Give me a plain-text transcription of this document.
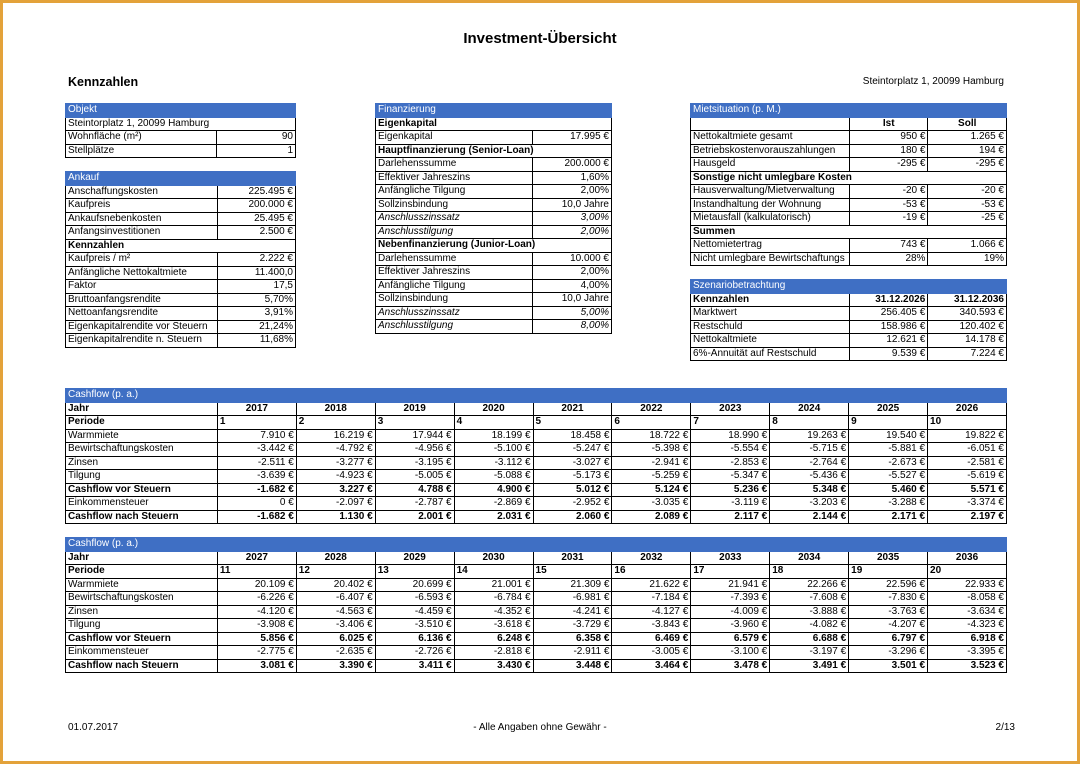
Investment-Übersicht
Kennzahlen	Steintorplatz 1, 20099 Hamburg
Objekt	
Steintorplatz 1, 20099 Hamburg	
Wohnfläche (m²)	90
Stellplätze	1
Ankauf	
Anschaffungskosten	225.495 €
Kaufpreis	200.000 €
Ankaufsnebenkosten	25.495 €
Anfangsinvestitionen	2.500 €
Kennzahlen	
Kaufpreis / m²	2.222 €
Anfängliche Nettokaltmiete	11.400,0
Faktor	17,5
Bruttoanfangsrendite	5,70%
Nettoanfangsrendite	3,91%
Eigenkapitalrendite vor Steuern	21,24%
Eigenkapitalrendite n. Steuern	11,68%
Finanzierung	
Eigenkapital	
Eigenkapital	17.995 €
Hauptfinanzierung (Senior-Loan)	
Darlehenssumme	200.000 €
Effektiver Jahreszins	1,60%
Anfängliche Tilgung	2,00%
Sollzinsbindung	10,0 Jahre
Anschlusszinssatz	3,00%
Anschlusstilgung	2,00%
Nebenfinanzierung (Junior-Loan)	
Darlehenssumme	10.000 €
Effektiver Jahreszins	2,00%
Anfängliche Tilgung	4,00%
Sollzinsbindung	10,0 Jahre
Anschlusszinssatz	5,00%
Anschlusstilgung	8,00%
Mietsituation (p. M.)		
	Ist	Soll
Nettokaltmiete gesamt	950 €	1.265 €
Betriebskostenvorauszahlungen	180 €	194 €
Hausgeld	-295 €	-295 €
Sonstige nicht umlegbare Kosten		
Hausverwaltung/Mietverwaltung	-20 €	-20 €
Instandhaltung der Wohnung	-53 €	-53 €
Mietausfall (kalkulatorisch)	-19 €	-25 €
Summen		
Nettomietertrag	743 €	1.066 €
Nicht umlegbare Bewirtschaftungs	28%	19%
Szenariobetrachtung		
Kennzahlen	31.12.2026	31.12.2036
Marktwert	256.405 €	340.593 €
Restschuld	158.986 €	120.402 €
Nettokaltmiete	12.621 €	14.178 €
6%-Annuität auf Restschuld	9.539 €	7.224 €
Cashflow (p. a.)										
Jahr	2017	2018	2019	2020	2021	2022	2023	2024	2025	2026
Periode	1	2	3	4	5	6	7	8	9	10
Warmmiete	7.910 €	16.219 €	17.944 €	18.199 €	18.458 €	18.722 €	18.990 €	19.263 €	19.540 €	19.822 €
Bewirtschaftungskosten	-3.442 €	-4.792 €	-4.956 €	-5.100 €	-5.247 €	-5.398 €	-5.554 €	-5.715 €	-5.881 €	-6.051 €
Zinsen	-2.511 €	-3.277 €	-3.195 €	-3.112 €	-3.027 €	-2.941 €	-2.853 €	-2.764 €	-2.673 €	-2.581 €
Tilgung	-3.639 €	-4.923 €	-5.005 €	-5.088 €	-5.173 €	-5.259 €	-5.347 €	-5.436 €	-5.527 €	-5.619 €
Cashflow vor Steuern	-1.682 €	3.227 €	4.788 €	4.900 €	5.012 €	5.124 €	5.236 €	5.348 €	5.460 €	5.571 €
Einkommensteuer	0 €	-2.097 €	-2.787 €	-2.869 €	-2.952 €	-3.035 €	-3.119 €	-3.203 €	-3.288 €	-3.374 €
Cashflow nach Steuern	-1.682 €	1.130 €	2.001 €	2.031 €	2.060 €	2.089 €	2.117 €	2.144 €	2.171 €	2.197 €
Cashflow (p. a.)										
Jahr	2027	2028	2029	2030	2031	2032	2033	2034	2035	2036
Periode	11	12	13	14	15	16	17	18	19	20
Warmmiete	20.109 €	20.402 €	20.699 €	21.001 €	21.309 €	21.622 €	21.941 €	22.266 €	22.596 €	22.933 €
Bewirtschaftungskosten	-6.226 €	-6.407 €	-6.593 €	-6.784 €	-6.981 €	-7.184 €	-7.393 €	-7.608 €	-7.830 €	-8.058 €
Zinsen	-4.120 €	-4.563 €	-4.459 €	-4.352 €	-4.241 €	-4.127 €	-4.009 €	-3.888 €	-3.763 €	-3.634 €
Tilgung	-3.908 €	-3.406 €	-3.510 €	-3.618 €	-3.729 €	-3.843 €	-3.960 €	-4.082 €	-4.207 €	-4.323 €
Cashflow vor Steuern	5.856 €	6.025 €	6.136 €	6.248 €	6.358 €	6.469 €	6.579 €	6.688 €	6.797 €	6.918 €
Einkommensteuer	-2.775 €	-2.635 €	-2.726 €	-2.818 €	-2.911 €	-3.005 €	-3.100 €	-3.197 €	-3.296 €	-3.395 €
Cashflow nach Steuern	3.081 €	3.390 €	3.411 €	3.430 €	3.448 €	3.464 €	3.478 €	3.491 €	3.501 €	3.523 €
01.07.2017	- Alle Angaben ohne Gewähr -	2/13
